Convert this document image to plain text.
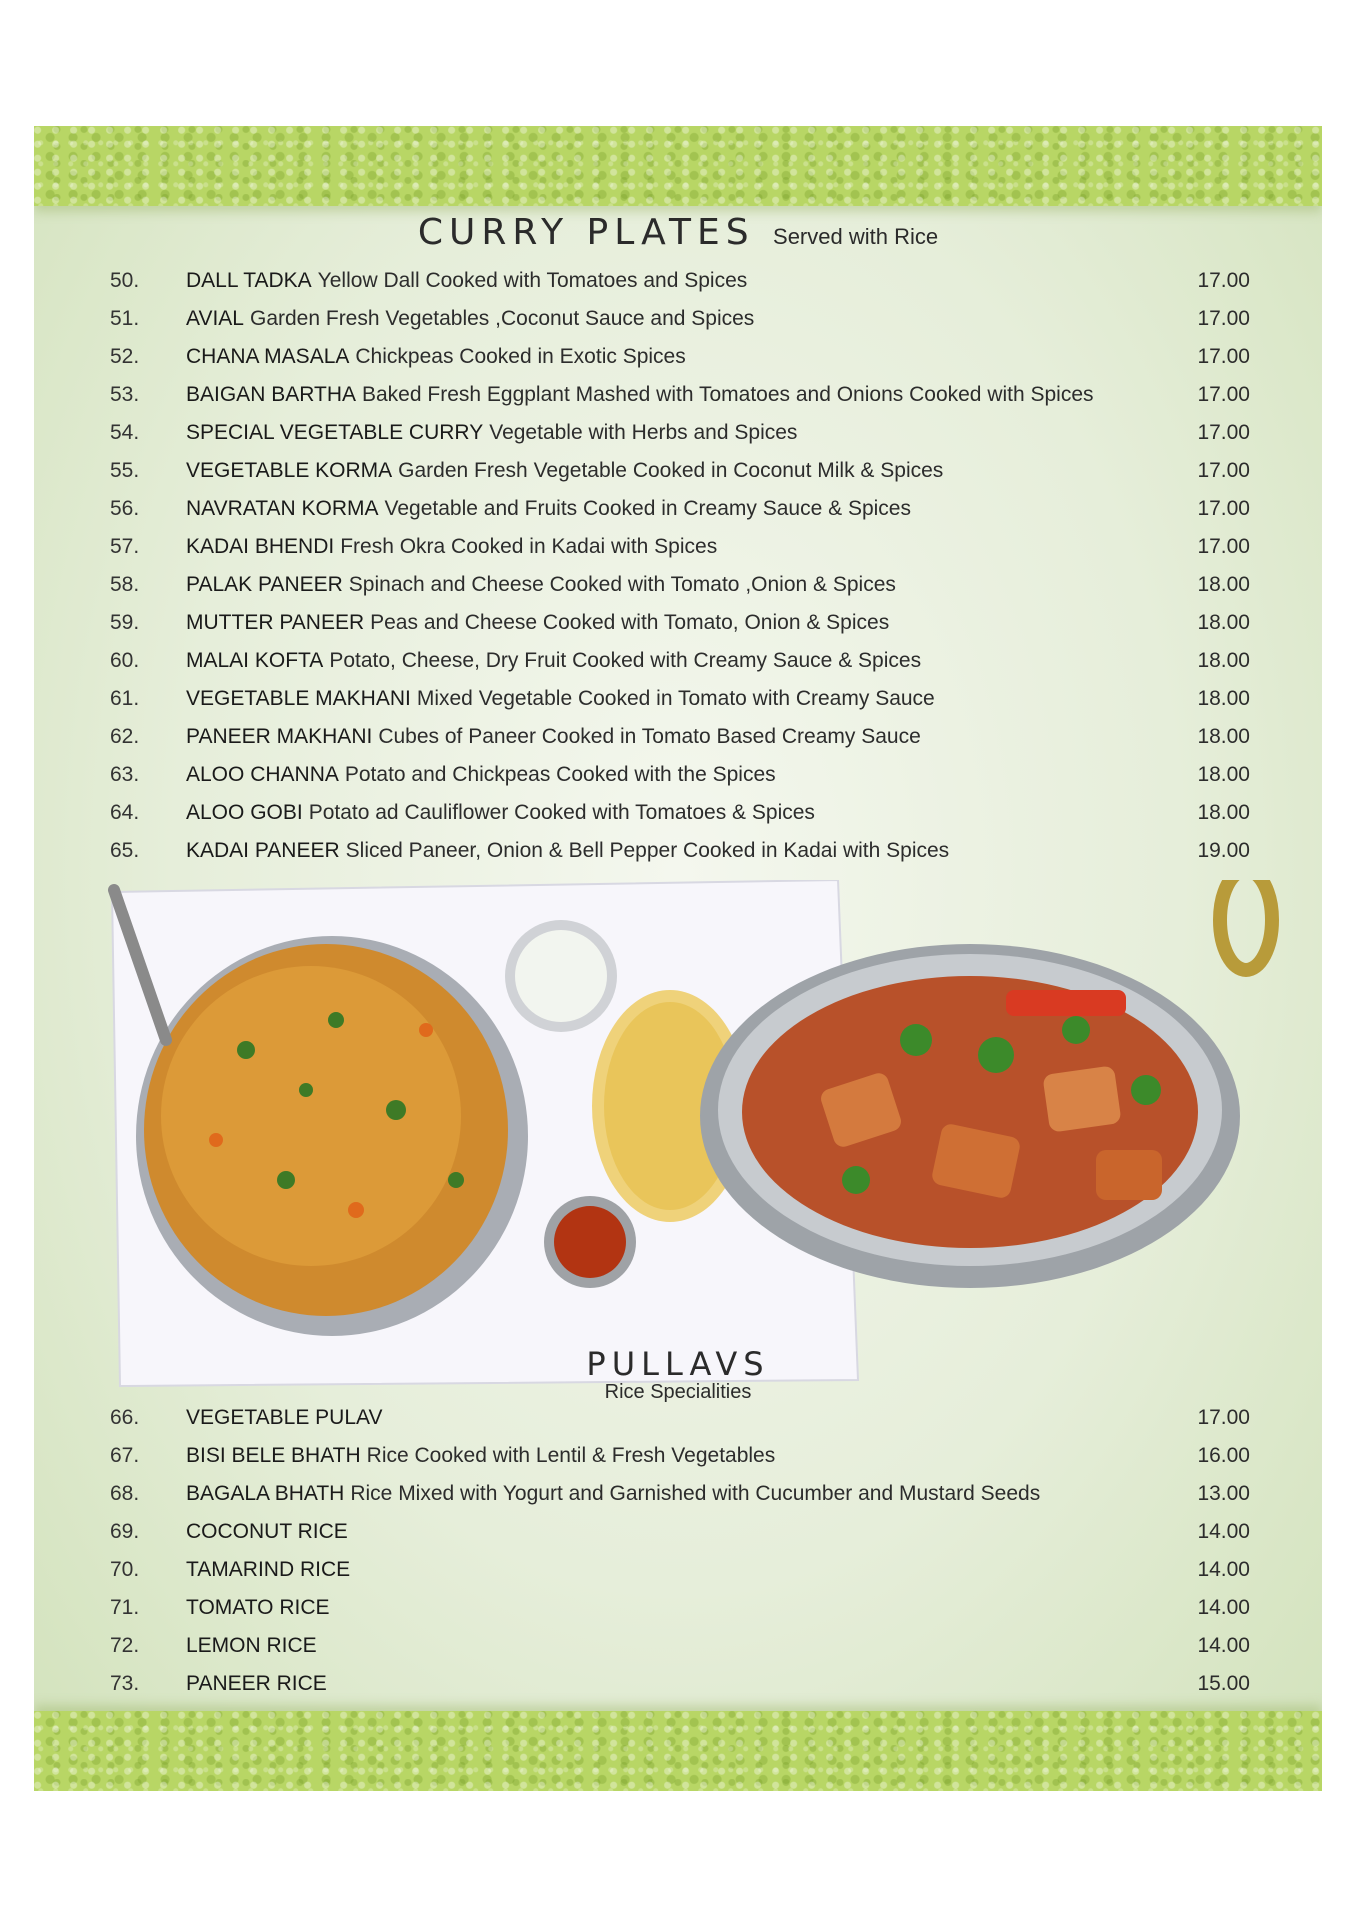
CURRY PLATES Served with Rice
50. DALL TADKA Yellow Dall Cooked with Tomatoes and Spices	17.00
51. AVIAL Garden Fresh Vegetables ,Coconut Sauce and Spices	17.00
52. CHANA MASALA Chickpeas Cooked in Exotic Spices	17.00
53. BAIGAN BARTHA Baked Fresh Eggplant Mashed with Tomatoes and Onions Cooked with Spices	17.00
54. SPECIAL VEGETABLE CURRY Vegetable with Herbs and Spices	17.00
55. VEGETABLE KORMA Garden Fresh Vegetable Cooked in Coconut Milk & Spices	17.00
56. NAVRATAN KORMA Vegetable and Fruits Cooked in Creamy Sauce & Spices	17.00
57. KADAI BHENDI Fresh Okra Cooked in Kadai with Spices	17.00
58. PALAK PANEER Spinach and Cheese Cooked with Tomato ,Onion & Spices	18.00
59. MUTTER PANEER Peas and Cheese Cooked with Tomato, Onion & Spices	18.00
60. MALAI KOFTA Potato, Cheese, Dry Fruit Cooked with Creamy Sauce & Spices	18.00
61. VEGETABLE MAKHANI Mixed Vegetable Cooked in Tomato with Creamy Sauce	18.00
62. PANEER MAKHANI Cubes of Paneer Cooked in Tomato Based Creamy Sauce	18.00
63. ALOO CHANNA Potato and Chickpeas Cooked with the Spices	18.00
64. ALOO GOBI Potato ad Cauliflower Cooked with Tomatoes & Spices	18.00
65. KADAI PANEER Sliced Paneer, Onion & Bell Pepper Cooked in Kadai with Spices	19.00
PULLAVS
Rice Specialities
66. VEGETABLE PULAV	17.00
67. BISI BELE BHATH Rice Cooked with Lentil & Fresh Vegetables	16.00
68. BAGALA BHATH Rice Mixed with Yogurt and Garnished with Cucumber and Mustard Seeds	13.00
69. COCONUT RICE	14.00
70. TAMARIND RICE	14.00
71. TOMATO RICE	14.00
72. LEMON RICE	14.00
73. PANEER RICE	15.00
